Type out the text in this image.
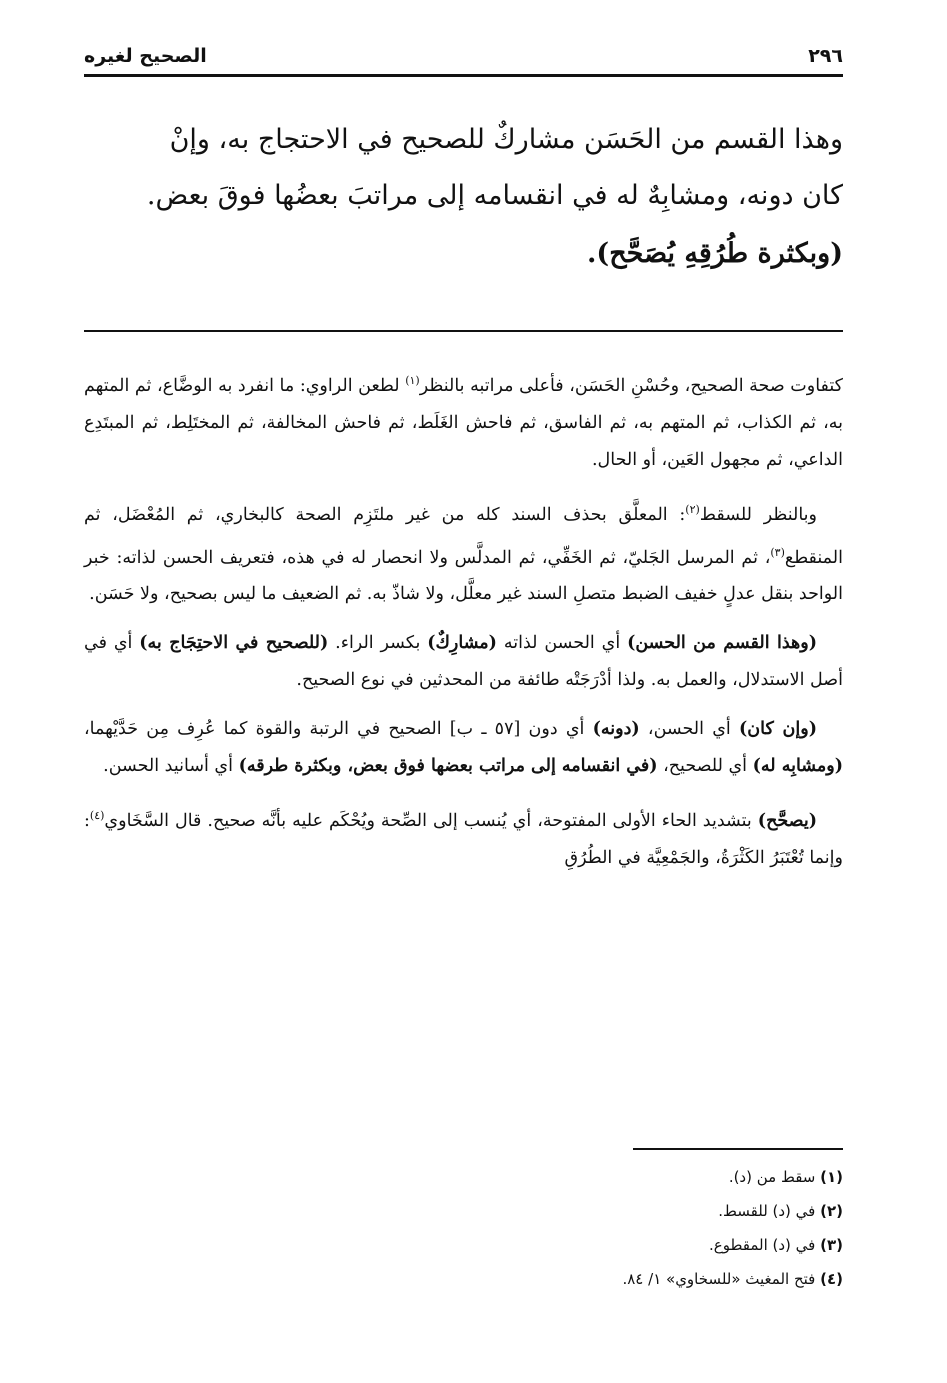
٢٩٦
الصحيح لغيره

وهذا القسم من الحَسَن مشاركٌ للصحيح في الاحتجاج به، وإنْ

كان دونه، ومشابِهٌ له في انقسامه إلى مراتبَ بعضُها فوقَ بعض.

(وبكثرة طُرُقِهِ يُصَحَّح).

كتفاوت صحة الصحيح، وحُسْنِ الحَسَن، فأعلى مراتبه بالنظر$^{(١)}$ لطعن الراوي: ما انفرد به الوضَّاع، ثم المتهم به، ثم الكذاب، ثم المتهم به، ثم الفاسق، ثم فاحش الغَلَط، ثم فاحش المخالفة، ثم المختَلِط، ثم المبتَدِع الداعي، ثم مجهول العَين، أو الحال.

وبالنظر للسقط$^{(٢)}$: المعلَّق بحذف السند كله من غير ملتَزِم الصحة كالبخاري، ثم المُعْضَل، ثم المنقطع$^{(٣)}$، ثم المرسل الجَليّ، ثم الخَفِّي، ثم المدلَّس ولا انحصار له في هذه، فتعريف الحسن لذاته: خبر الواحد بنقل عدلٍ خفيف الضبط متصلِ السند غير معلَّل، ولا شاذّ به. ثم الضعيف ما ليس بصحيح، ولا حَسَن.

(وهذا القسم من الحسن) أي الحسن لذاته (مشارِكٌ) بكسر الراء. (للصحيح في الاحتِجَاج به) أي في أصل الاستدلال، والعمل به. ولذا أدْرَجَتْه طائفة من المحدثين في نوع الصحيح.

(وإن كان) أي الحسن، (دونه) أي دون [٥٧ ـ ب] الصحيح في الرتبة والقوة كما عُرِف مِن حَدَّيْهما، (ومشابِه له) أي للصحيح، (في انقسامه إلى مراتب بعضها فوق بعض، وبكثرة طرقه) أي أسانيد الحسن.

(يصحَّح) بتشديد الحاء الأولى المفتوحة، أي يُنسب إلى الصِّحة ويُحْكَم عليه بأنَّه صحيح. قال السَّخَاوي$^{(٤)}$: وإنما تُعْتَبَرُ الكَثْرَةُ، والجَمْعِيَّة في الطُرُقِ

(١) سقط من (د).
(٢) في (د) للقسط.
(٣) في (د) المقطوع.
(٤) فتح المغيث «للسخاوي» ١/ ٨٤.
